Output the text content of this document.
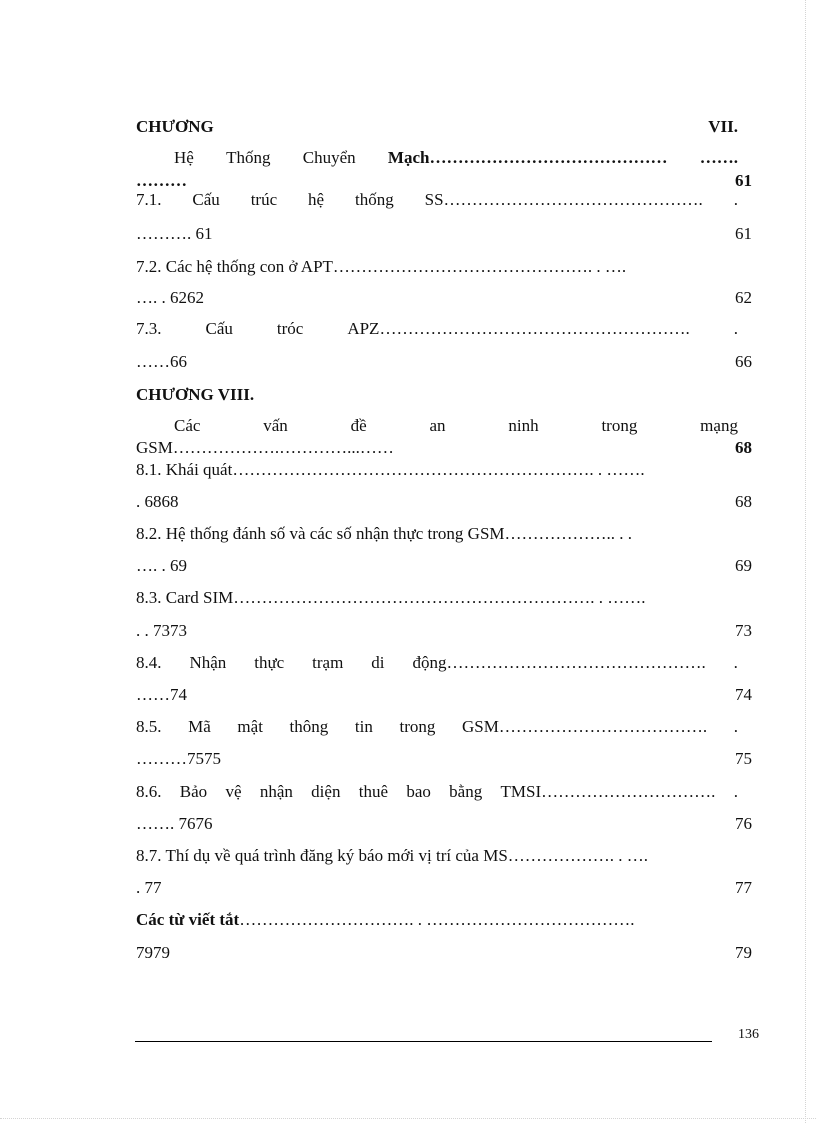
CHƯƠNG	VII.
Hệ Thống Chuyển Mạch…………………………………… …….
………	61
7.1. Cấu trúc hệ thống SS………………………………………. .
………. 61	61
7.2. Các hệ thống con ở APT………………………………………. . ….
…. . 6262	62
7.3.	Cấu	tróc	APZ……………………………………………….	.
……66	66
CHƯƠNG VIII.
Các	vấn	đề	an	ninh	trong	mạng
GSM……………….…………...……	68
8.1. Khái quát………………………………………………………. . …….
. 6868	68
8.2. Hệ thống đánh số và các số nhận thực trong GSM……………….. . .
…. . 69	69
8.3. Card SIM………………………………………………………. . …….
. . 7373	73
8.4. Nhận thực trạm di động………………………………………. .
……74	74
8.5. Mã mật thông tin trong GSM………………………………. .
………7575	75
8.6. Bảo vệ nhận diện thuê bao bằng TMSI…………………………. .
……. 7676	76
8.7. Thí dụ về quá trình đăng ký báo mới vị trí của MS………………. . ….
. 77	77
Các từ viết tắt…………………………. . ……………………………….
7979	79
136
